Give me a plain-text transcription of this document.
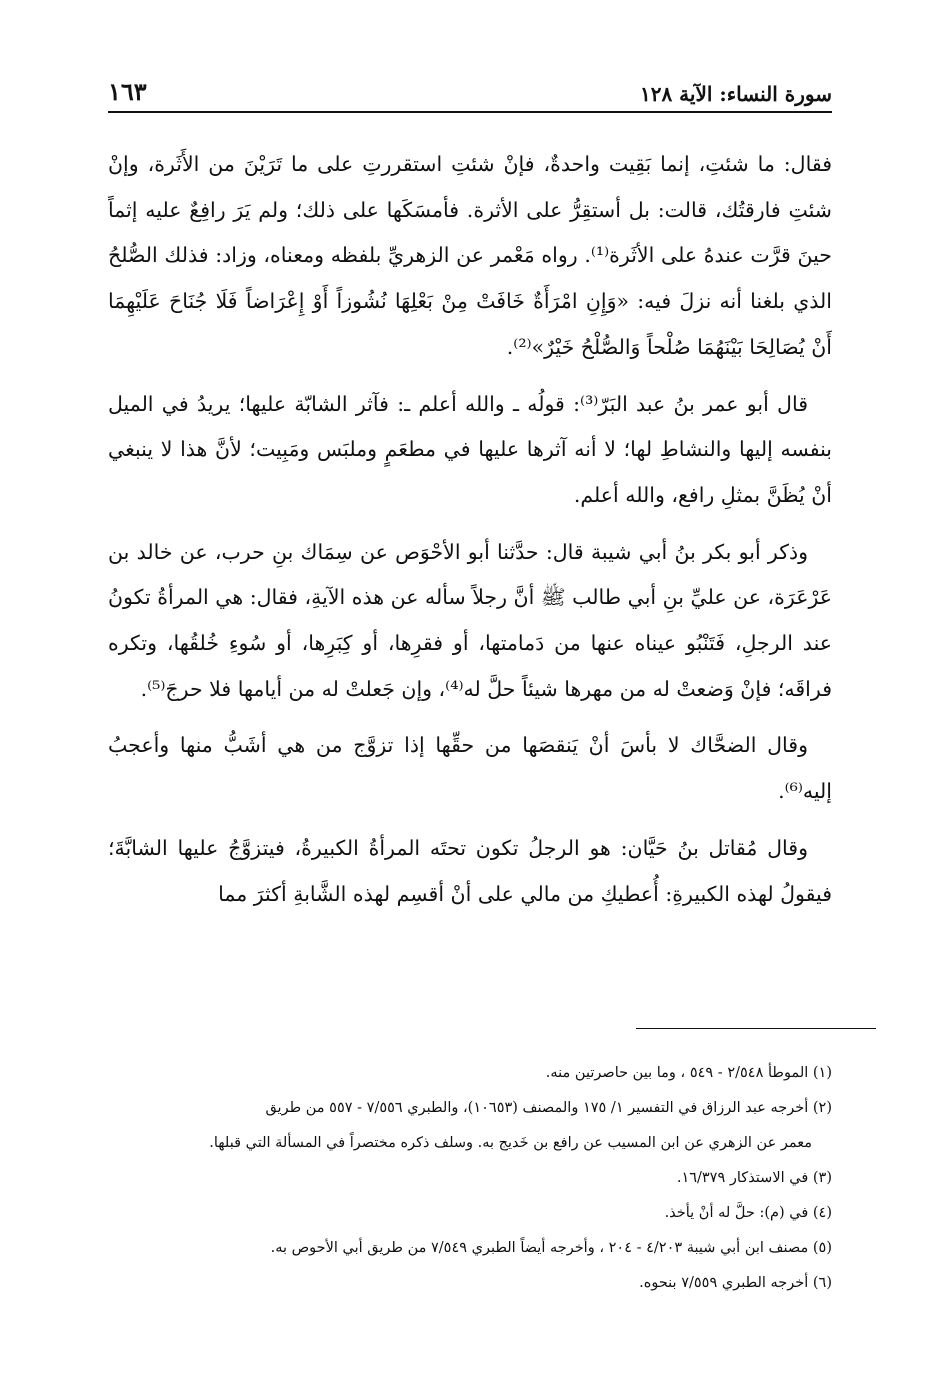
سورة النساء: الآية ١٢٨
١٦٣

فقال: ما شئتِ، إنما بَقِيت واحدةٌ، فإنْ شئتِ استقررتِ على ما تَرَيْنَ من الأَثَرة، وإنْ شئتِ فارقتُك، قالت: بل أستقِرُّ على الأثرة. فأمسَكَها على ذلك؛ ولم يَرَ رافِعٌ عليه إثماً حينَ قرَّت عندهُ على الأثَرة⁽¹⁾. رواه مَعْمر عن الزهريِّ بلفظه ومعناه، وزاد: فذلك الصُّلحُ الذي بلغنا أنه نزلَ فيه: «وَإِنِ امْرَأَةٌ خَافَتْ مِنْ بَعْلِهَا نُشُوزاً أَوْ إِعْرَاضاً فَلَا جُنَاحَ عَلَيْهِمَا أَنْ يُصَالِحَا بَيْنَهُمَا صُلْحاً وَالصُّلْحُ خَيْرٌ»⁽²⁾.

قال أبو عمر بنُ عبد البَرّ⁽³⁾: قولُه ـ والله أعلم ـ: فآثر الشابّة عليها؛ يريدُ في الميل بنفسه إليها والنشاطِ لها؛ لا أنه آثرها عليها في مطعَمٍ وملبَس ومَبِيت؛ لأنَّ هذا لا ينبغي أنْ يُظَنَّ بمثلِ رافع، والله أعلم.

وذكر أبو بكر بنُ أبي شيبة قال: حدَّثنا أبو الأحْوَص عن سِمَاك بنِ حرب، عن خالد بن عَرْعَرَة، عن عليِّ بنِ أبي طالب ﷺ أنَّ رجلاً سأله عن هذه الآيةِ، فقال: هي المرأةُ تكونُ عند الرجلِ، فَتَنْبُو عيناه عنها من دَمامتها، أو فقرِها، أو كِبَرِها، أو سُوءِ خُلقُها، وتكره فراقَه؛ فإنْ وَضعتْ له من مهرها شيئاً حلَّ له⁽⁴⁾، وإن جَعلتْ له من أيامها فلا حرجَ⁽⁵⁾.

وقال الضحَّاك لا بأسَ أنْ يَنقصَها من حقِّها إذا تزوَّج من هي أشَبُّ منها وأعجبُ إليه⁽⁶⁾.

وقال مُقاتل بنُ حَيَّان: هو الرجلُ تكون تحتَه المرأةُ الكبيرةُ، فيتزوَّجُ عليها الشابَّةَ؛ فيقولُ لهذه الكبيرةِ: أُعطيكِ من مالي على أنْ أقسِم لهذه الشَّابةِ أكثرَ مما

(١) الموطأ ٢/٥٤٨ - ٥٤٩ ، وما بين حاصرتين منه.
(٢) أخرجه عبد الرزاق في التفسير ١/ ١٧٥ والمصنف (١٠٦٥٣)، والطبري ٧/٥٥٦ - ٥٥٧ من طريق
معمر عن الزهري عن ابن المسيب عن رافع بن خَديج به. وسلف ذكره مختصراً في المسألة التي قبلها.
(٣) في الاستذكار ١٦/٣٧٩.
(٤) في (م): حلَّ له أنْ يأخذ.
(٥) مصنف ابن أبي شيبة ٤/٢٠٣ - ٢٠٤ ، وأخرجه أيضاً الطبري ٧/٥٤٩ من طريق أبي الأحوص به.
(٦) أخرجه الطبري ٧/٥٥٩ بنحوه.
